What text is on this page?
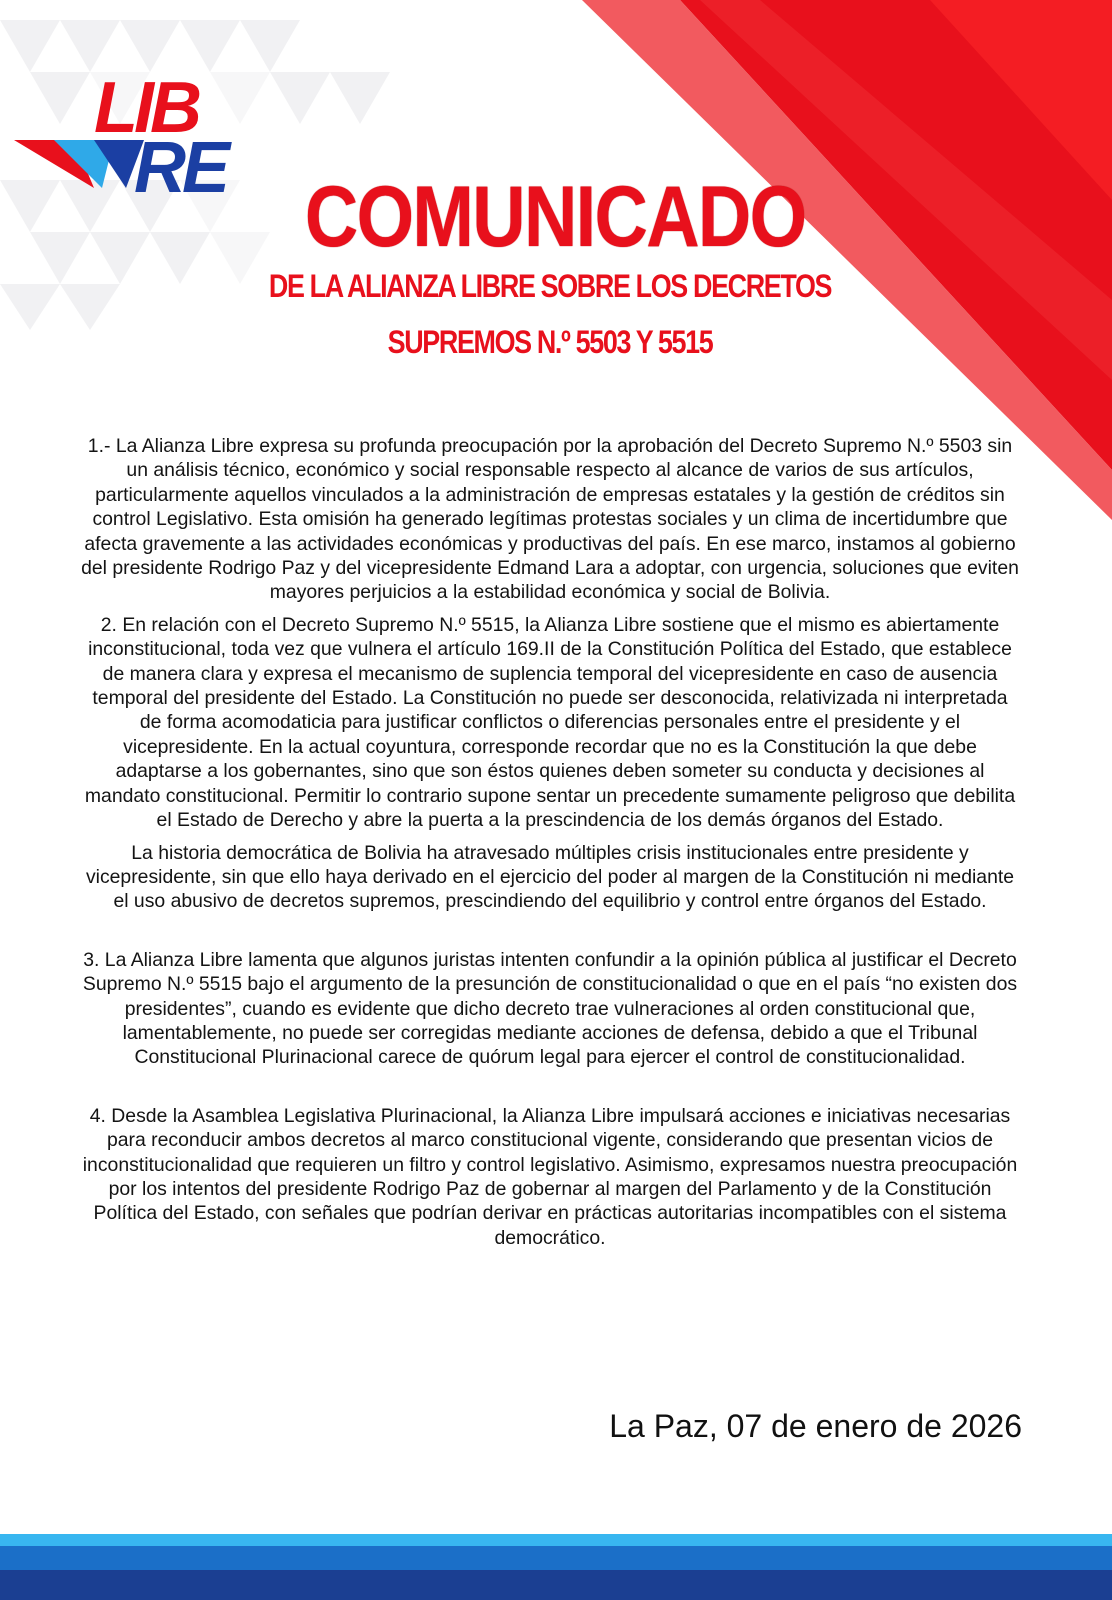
LIB
RE
COMUNICADO
DE LA ALIANZA LIBRE SOBRE LOS DECRETOS
SUPREMOS N.º 5503 Y 5515

1.- La Alianza Libre expresa su profunda preocupación por la aprobación del Decreto Supremo N.º 5503 sin un análisis técnico, económico y social responsable respecto al alcance de varios de sus artículos, particularmente aquellos vinculados a la administración de empresas estatales y la gestión de créditos sin control Legislativo. Esta omisión ha generado legítimas protestas sociales y un clima de incertidumbre que afecta gravemente a las actividades económicas y productivas del país. En ese marco, instamos al gobierno del presidente Rodrigo Paz y del vicepresidente Edmand Lara a adoptar, con urgencia, soluciones que eviten mayores perjuicios a la estabilidad económica y social de Bolivia.

2. En relación con el Decreto Supremo N.º 5515, la Alianza Libre sostiene que el mismo es abiertamente inconstitucional, toda vez que vulnera el artículo 169.II de la Constitución Política del Estado, que establece de manera clara y expresa el mecanismo de suplencia temporal del vicepresidente en caso de ausencia temporal del presidente del Estado. La Constitución no puede ser desconocida, relativizada ni interpretada de forma acomodaticia para justificar conflictos o diferencias personales entre el presidente y el vicepresidente. En la actual coyuntura, corresponde recordar que no es la Constitución la que debe adaptarse a los gobernantes, sino que son éstos quienes deben someter su conducta y decisiones al mandato constitucional. Permitir lo contrario supone sentar un precedente sumamente peligroso que debilita el Estado de Derecho y abre la puerta a la prescindencia de los demás órganos del Estado.

La historia democrática de Bolivia ha atravesado múltiples crisis institucionales entre presidente y vicepresidente, sin que ello haya derivado en el ejercicio del poder al margen de la Constitución ni mediante el uso abusivo de decretos supremos, prescindiendo del equilibrio y control entre órganos del Estado.

3. La Alianza Libre lamenta que algunos juristas intenten confundir a la opinión pública al justificar el Decreto Supremo N.º 5515 bajo el argumento de la presunción de constitucionalidad o que en el país “no existen dos presidentes”, cuando es evidente que dicho decreto trae vulneraciones al orden constitucional que, lamentablemente, no puede ser corregidas mediante acciones de defensa, debido a que el Tribunal Constitucional Plurinacional carece de quórum legal para ejercer el control de constitucionalidad.

4. Desde la Asamblea Legislativa Plurinacional, la Alianza Libre impulsará acciones e iniciativas necesarias para reconducir ambos decretos al marco constitucional vigente, considerando que presentan vicios de inconstitucionalidad que requieren un filtro y control legislativo. Asimismo, expresamos nuestra preocupación por los intentos del presidente Rodrigo Paz de gobernar al margen del Parlamento y de la Constitución Política del Estado, con señales que podrían derivar en prácticas autoritarias incompatibles con el sistema democrático.

La Paz, 07 de enero de 2026
